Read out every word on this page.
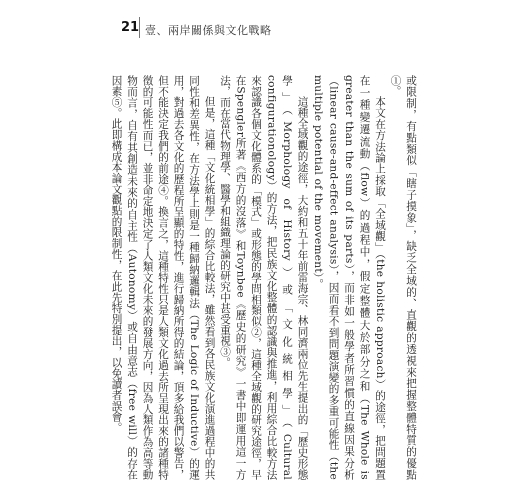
21 壹、兩岸關係與文化戰略

或限制，有點類似「瞎子摸象」，缺乏全域的、直觀的透視來把握整體特質的優點①。

本文在方法論上採取「全域觀」（the holistic approach）的途徑，把問題置在一種變遷流動（flow）的過程中，假定整體大於部分之和（The Whole is greater than the sum of its parts），而非如一般學者所習慣的直線因果分析（linear cause-and-effect analysis），因而看不到問題演變的多重可能性（the multiple potential of the movement）。

這種全域觀的途徑，大約和五十年前雷海宗、林同濟兩位先生提出的「歷史形態學」（Morphology of History）或「文化統相學」（Cultural configurationology）的方法，把民族文化整體的認識與推進，利用綜合比較方法來認識各個文化體系的「模式」或形態的學問相類似②，這種全域觀的研究途徑，早在Spengler所著《西方的沒落》和Toynbee《歷史的研究》一書中即運用這一方法，而在當代物理學、醫學和組織理論的研究中甚受重視③。

但是，這種「文化統相學」的綜合比較法，雖然看到各民族文化演進過程中的共同性和差異性，在方法學上則是一種歸納邏輯法（The Logic of Inductive）的運用，對過去各文化的歷程所呈顯的特性，進行歸納所得的結論，頂多給我們以警告，但不能決定我們的前途④。換言之，這種特性只是人類文化過去所呈現出來的諸種特徵的可能性而已，並非命定地決定了人類文化未來的發展方向，因為人類作為高等動物而言，自有其創造未來的自主性（Autonomy）或自由意志（free will）的存在因素⑤。此即構成本論文觀點的限制性，在此先特別提出，以免讀者誤會。
